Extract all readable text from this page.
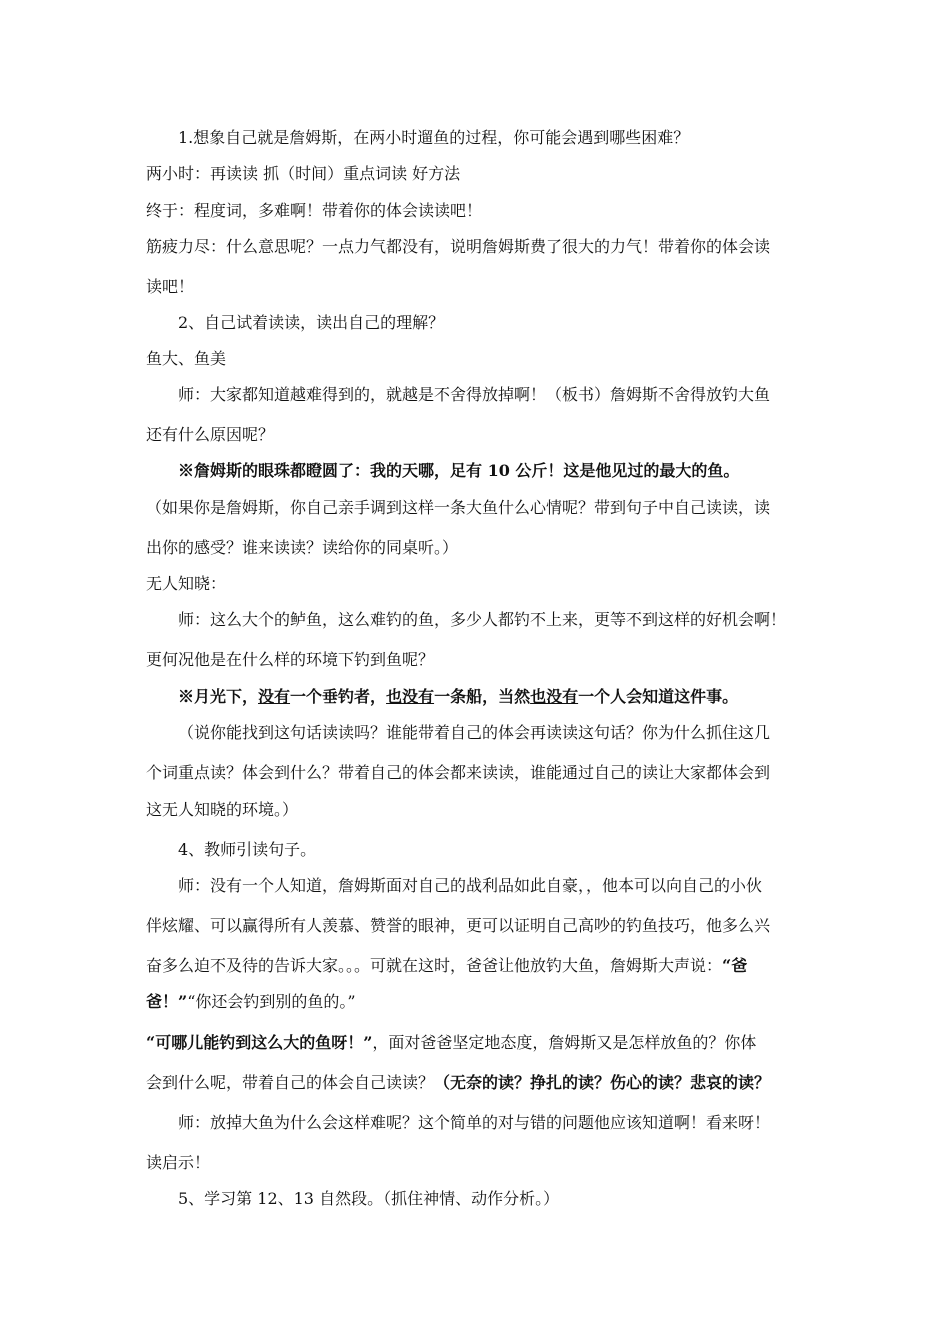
1.想象自己就是詹姆斯，在两小时遛鱼的过程，你可能会遇到哪些困难？
两小时：再读读 抓（时间）重点词读 好方法
终于：程度词，多难啊！带着你的体会读读吧！
筋疲力尽：什么意思呢？一点力气都没有，说明詹姆斯费了很大的力气！带着你的体会读
读吧！
2、自己试着读读，读出自己的理解？
鱼大、鱼美
师：大家都知道越难得到的，就越是不舍得放掉啊！（板书）詹姆斯不舍得放钓大鱼
还有什么原因呢？
※詹姆斯的眼珠都瞪圆了：我的天哪，足有 10 公斤！这是他见过的最大的鱼。
（如果你是詹姆斯，你自己亲手调到这样一条大鱼什么心情呢？带到句子中自己读读，读
出你的感受？谁来读读？读给你的同桌听。）
无人知晓：
师：这么大个的鲈鱼，这么难钓的鱼，多少人都钓不上来，更等不到这样的好机会啊！
更何况他是在什么样的环境下钓到鱼呢？
※月光下，没有一个垂钓者，也没有一条船，当然也没有一个人会知道这件事。
（说你能找到这句话读读吗？谁能带着自己的体会再读读这句话？你为什么抓住这几
个词重点读？体会到什么？带着自己的体会都来读读，谁能通过自己的读让大家都体会到
这无人知晓的环境。）
4、教师引读句子。
师：没有一个人知道，詹姆斯面对自己的战利品如此自豪，，他本可以向自己的小伙
伴炫耀、可以赢得所有人羡慕、赞誉的眼神，更可以证明自己高吵的钓鱼技巧，他多么兴
奋多么迫不及待的告诉大家。。。可就在这时，爸爸让他放钓大鱼，詹姆斯大声说：“爸
爸！”“你还会钓到别的鱼的。”
“可哪儿能钓到这么大的鱼呀！”，面对爸爸坚定地态度，詹姆斯又是怎样放鱼的？你体
会到什么呢，带着自己的体会自己读读？（无奈的读？挣扎的读？伤心的读？悲哀的读？
师：放掉大鱼为什么会这样难呢？这个简单的对与错的问题他应该知道啊！看来呀！
读启示！
5、学习第 12、13 自然段。（抓住神情、动作分析。）
